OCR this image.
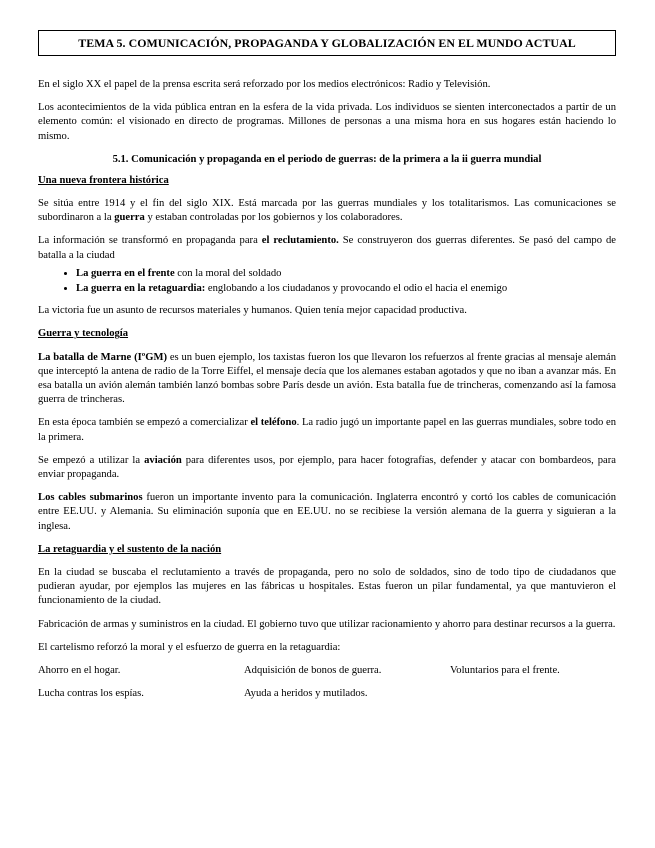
TEMA 5. COMUNICACIÓN, PROPAGANDA Y GLOBALIZACIÓN EN EL MUNDO ACTUAL

En el siglo XX el papel de la prensa escrita será reforzado por los medios electrónicos: Radio y Televisión.

Los acontecimientos de la vida pública entran en la esfera de la vida privada. Los individuos se sienten interconectados a partir de un elemento común: el visionado en directo de programas. Millones de personas a una misma hora en sus hogares están haciendo lo mismo.

5.1. Comunicación y propaganda en el periodo de guerras: de la primera a la ii guerra mundial
Una nueva frontera histórica

Se sitúa entre 1914 y el fin del siglo XIX. Está marcada por las guerras mundiales y los totalitarismos. Las comunicaciones se subordinaron a la guerra y estaban controladas por los gobiernos y los colaboradores.

La información se transformó en propaganda para el reclutamiento. Se construyeron dos guerras diferentes. Se pasó del campo de batalla a la ciudad

• La guerra en el frente con la moral del soldado
• La guerra en la retaguardia: englobando a los ciudadanos y provocando el odio el hacia el enemigo

La victoria fue un asunto de recursos materiales y humanos. Quien tenía mejor capacidad productiva.

Guerra y tecnología

La batalla de Marne (IºGM) es un buen ejemplo, los taxistas fueron los que llevaron los refuerzos al frente gracias al mensaje alemán que interceptó la antena de radio de la Torre Eiffel, el mensaje decía que los alemanes estaban agotados y que no iban a avanzar más. En esa batalla un avión alemán también lanzó bombas sobre París desde un avión. Esta batalla fue de trincheras, comenzando así la famosa guerra de trincheras.

En esta época también se empezó a comercializar el teléfono. La radio jugó un importante papel en las guerras mundiales, sobre todo en la primera.

Se empezó a utilizar la aviación para diferentes usos, por ejemplo, para hacer fotografías, defender y atacar con bombardeos, para enviar propaganda.

Los cables submarinos fueron un importante invento para la comunicación. Inglaterra encontró y cortó los cables de comunicación entre EE.UU. y Alemania. Su eliminación suponía que en EE.UU. no se recibiese la versión alemana de la guerra y siguieran a la inglesa.

La retaguardia y el sustento de la nación

En la ciudad se buscaba el reclutamiento a través de propaganda, pero no solo de soldados, sino de todo tipo de ciudadanos que pudieran ayudar, por ejemplos las mujeres en las fábricas u hospitales. Estas fueron un pilar fundamental, ya que mantuvieron el funcionamiento de la ciudad.

Fabricación de armas y suministros en la ciudad. El gobierno tuvo que utilizar racionamiento y ahorro para destinar recursos a la guerra.

El cartelismo reforzó la moral y el esfuerzo de guerra en la retaguardia:

Ahorro en el hogar.	Adquisición de bonos de guerra.	Voluntarios para el frente.
Lucha contras los espías.	Ayuda a heridos y mutilados.
